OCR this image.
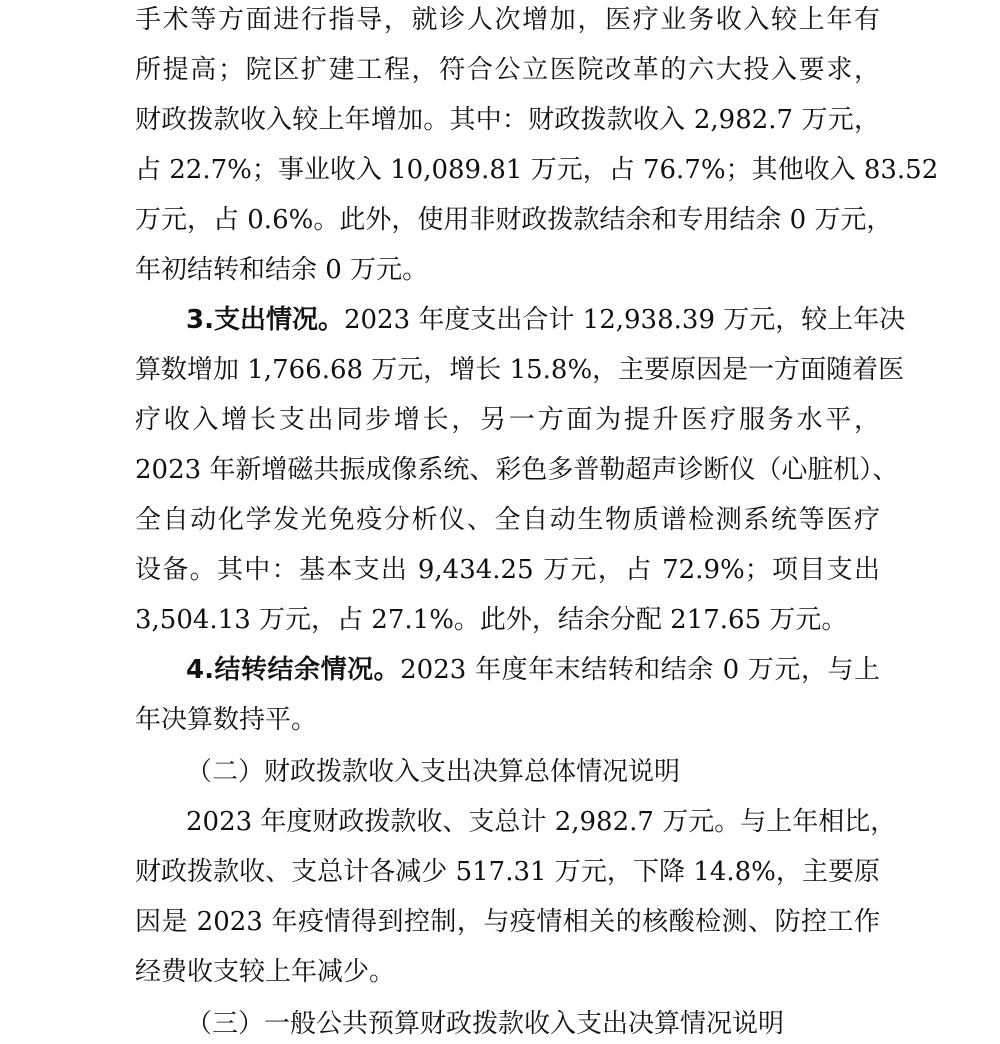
手术等方面进行指导，就诊人次增加，医疗业务收入较上年有
所提高；院区扩建工程，符合公立医院改革的六大投入要求，
财政拨款收入较上年增加。其中：财政拨款收入 2,982.7 万元，
占 22.7%；事业收入 10,089.81 万元，占 76.7%；其他收入 83.52
万元，占 0.6%。此外，使用非财政拨款结余和专用结余 0 万元，
年初结转和结余 0 万元。
3.支出情况。2023 年度支出合计 12,938.39 万元，较上年决
算数增加 1,766.68 万元，增长 15.8%，主要原因是一方面随着医
疗收入增长支出同步增长，另一方面为提升医疗服务水平，
2023 年新增磁共振成像系统、彩色多普勒超声诊断仪（心脏机）、
全自动化学发光免疫分析仪、全自动生物质谱检测系统等医疗
设备。其中：基本支出 9,434.25 万元，占 72.9%；项目支出
3,504.13 万元，占 27.1%。此外，结余分配 217.65 万元。
4.结转结余情况。2023 年度年末结转和结余 0 万元，与上
年决算数持平。
（二）财政拨款收入支出决算总体情况说明
2023 年度财政拨款收、支总计 2,982.7 万元。与上年相比，
财政拨款收、支总计各减少 517.31 万元，下降 14.8%，主要原
因是 2023 年疫情得到控制，与疫情相关的核酸检测、防控工作
经费收支较上年减少。
（三）一般公共预算财政拨款收入支出决算情况说明
